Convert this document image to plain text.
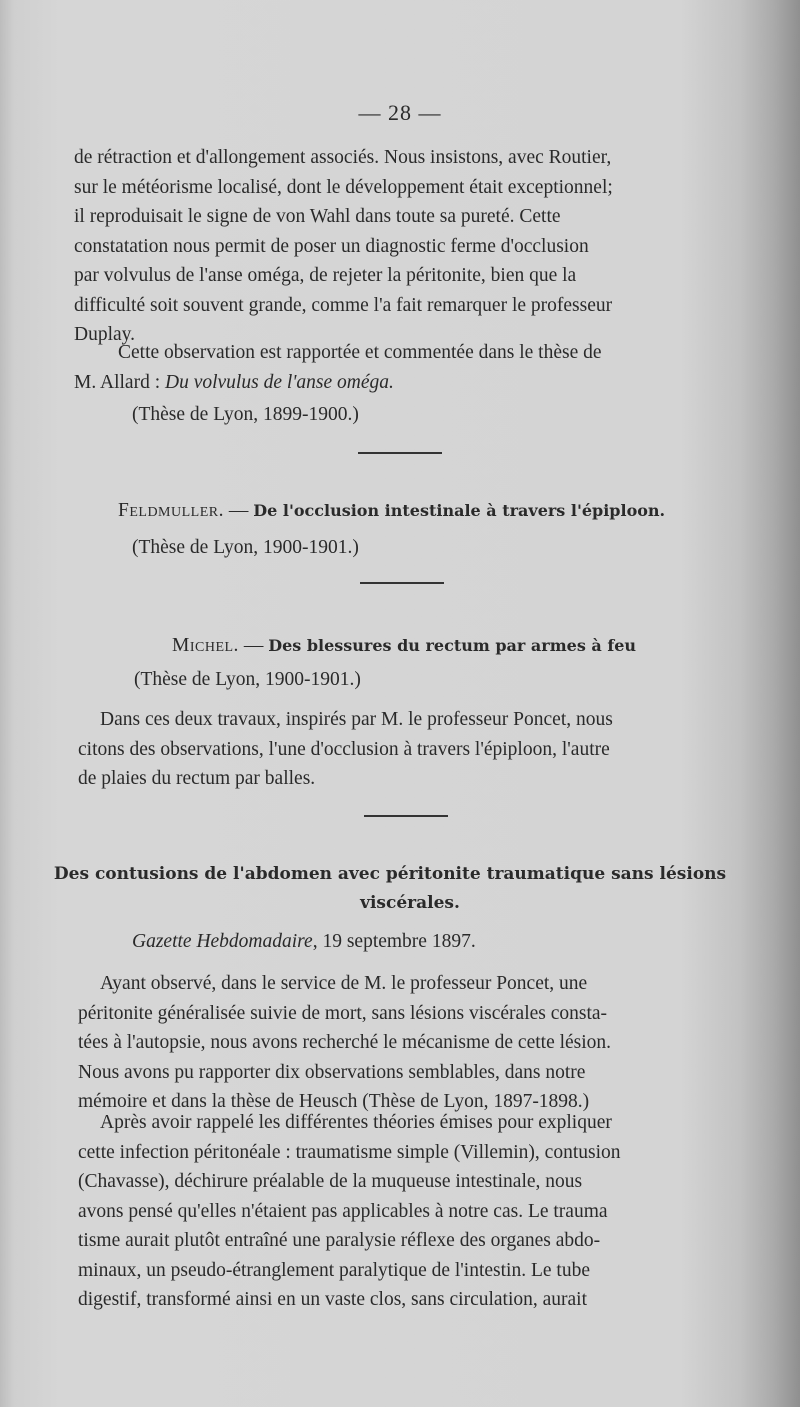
— 28 —
de rétraction et d'allongement associés. Nous insistons, avec Routier,
sur le météorisme localisé, dont le développement était exceptionnel;
il reproduisait le signe de von Wahl dans toute sa pureté. Cette
constatation nous permit de poser un diagnostic ferme d'occlusion
par volvulus de l'anse oméga, de rejeter la péritonite, bien que la
difficulté soit souvent grande, comme l'a fait remarquer le professeur
Duplay.
Cette observation est rapportée et commentée dans le thèse de
M. Allard : Du volvulus de l'anse oméga.
(Thèse de Lyon, 1899-1900.)
Feldmuller. — De l'occlusion intestinale à travers l'épiploon.
(Thèse de Lyon, 1900-1901.)
Michel. — Des blessures du rectum par armes à feu
(Thèse de Lyon, 1900-1901.)
Dans ces deux travaux, inspirés par M. le professeur Poncet, nous
citons des observations, l'une d'occlusion à travers l'épiploon, l'autre
de plaies du rectum par balles.
Des contusions de l'abdomen avec péritonite traumatique sans lésions
viscérales.
Gazette Hebdomadaire, 19 septembre 1897.
Ayant observé, dans le service de M. le professeur Poncet, une
péritonite généralisée suivie de mort, sans lésions viscérales consta-
tées à l'autopsie, nous avons recherché le mécanisme de cette lésion.
Nous avons pu rapporter dix observations semblables, dans notre
mémoire et dans la thèse de Heusch (Thèse de Lyon, 1897-1898.)
Après avoir rappelé les différentes théories émises pour expliquer
cette infection péritonéale : traumatisme simple (Villemin), contusion
(Chavasse), déchirure préalable de la muqueuse intestinale, nous
avons pensé qu'elles n'étaient pas applicables à notre cas. Le trauma
tisme aurait plutôt entraîné une paralysie réflexe des organes abdo-
minaux, un pseudo-étranglement paralytique de l'intestin. Le tube
digestif, transformé ainsi en un vaste clos, sans circulation, aurait
